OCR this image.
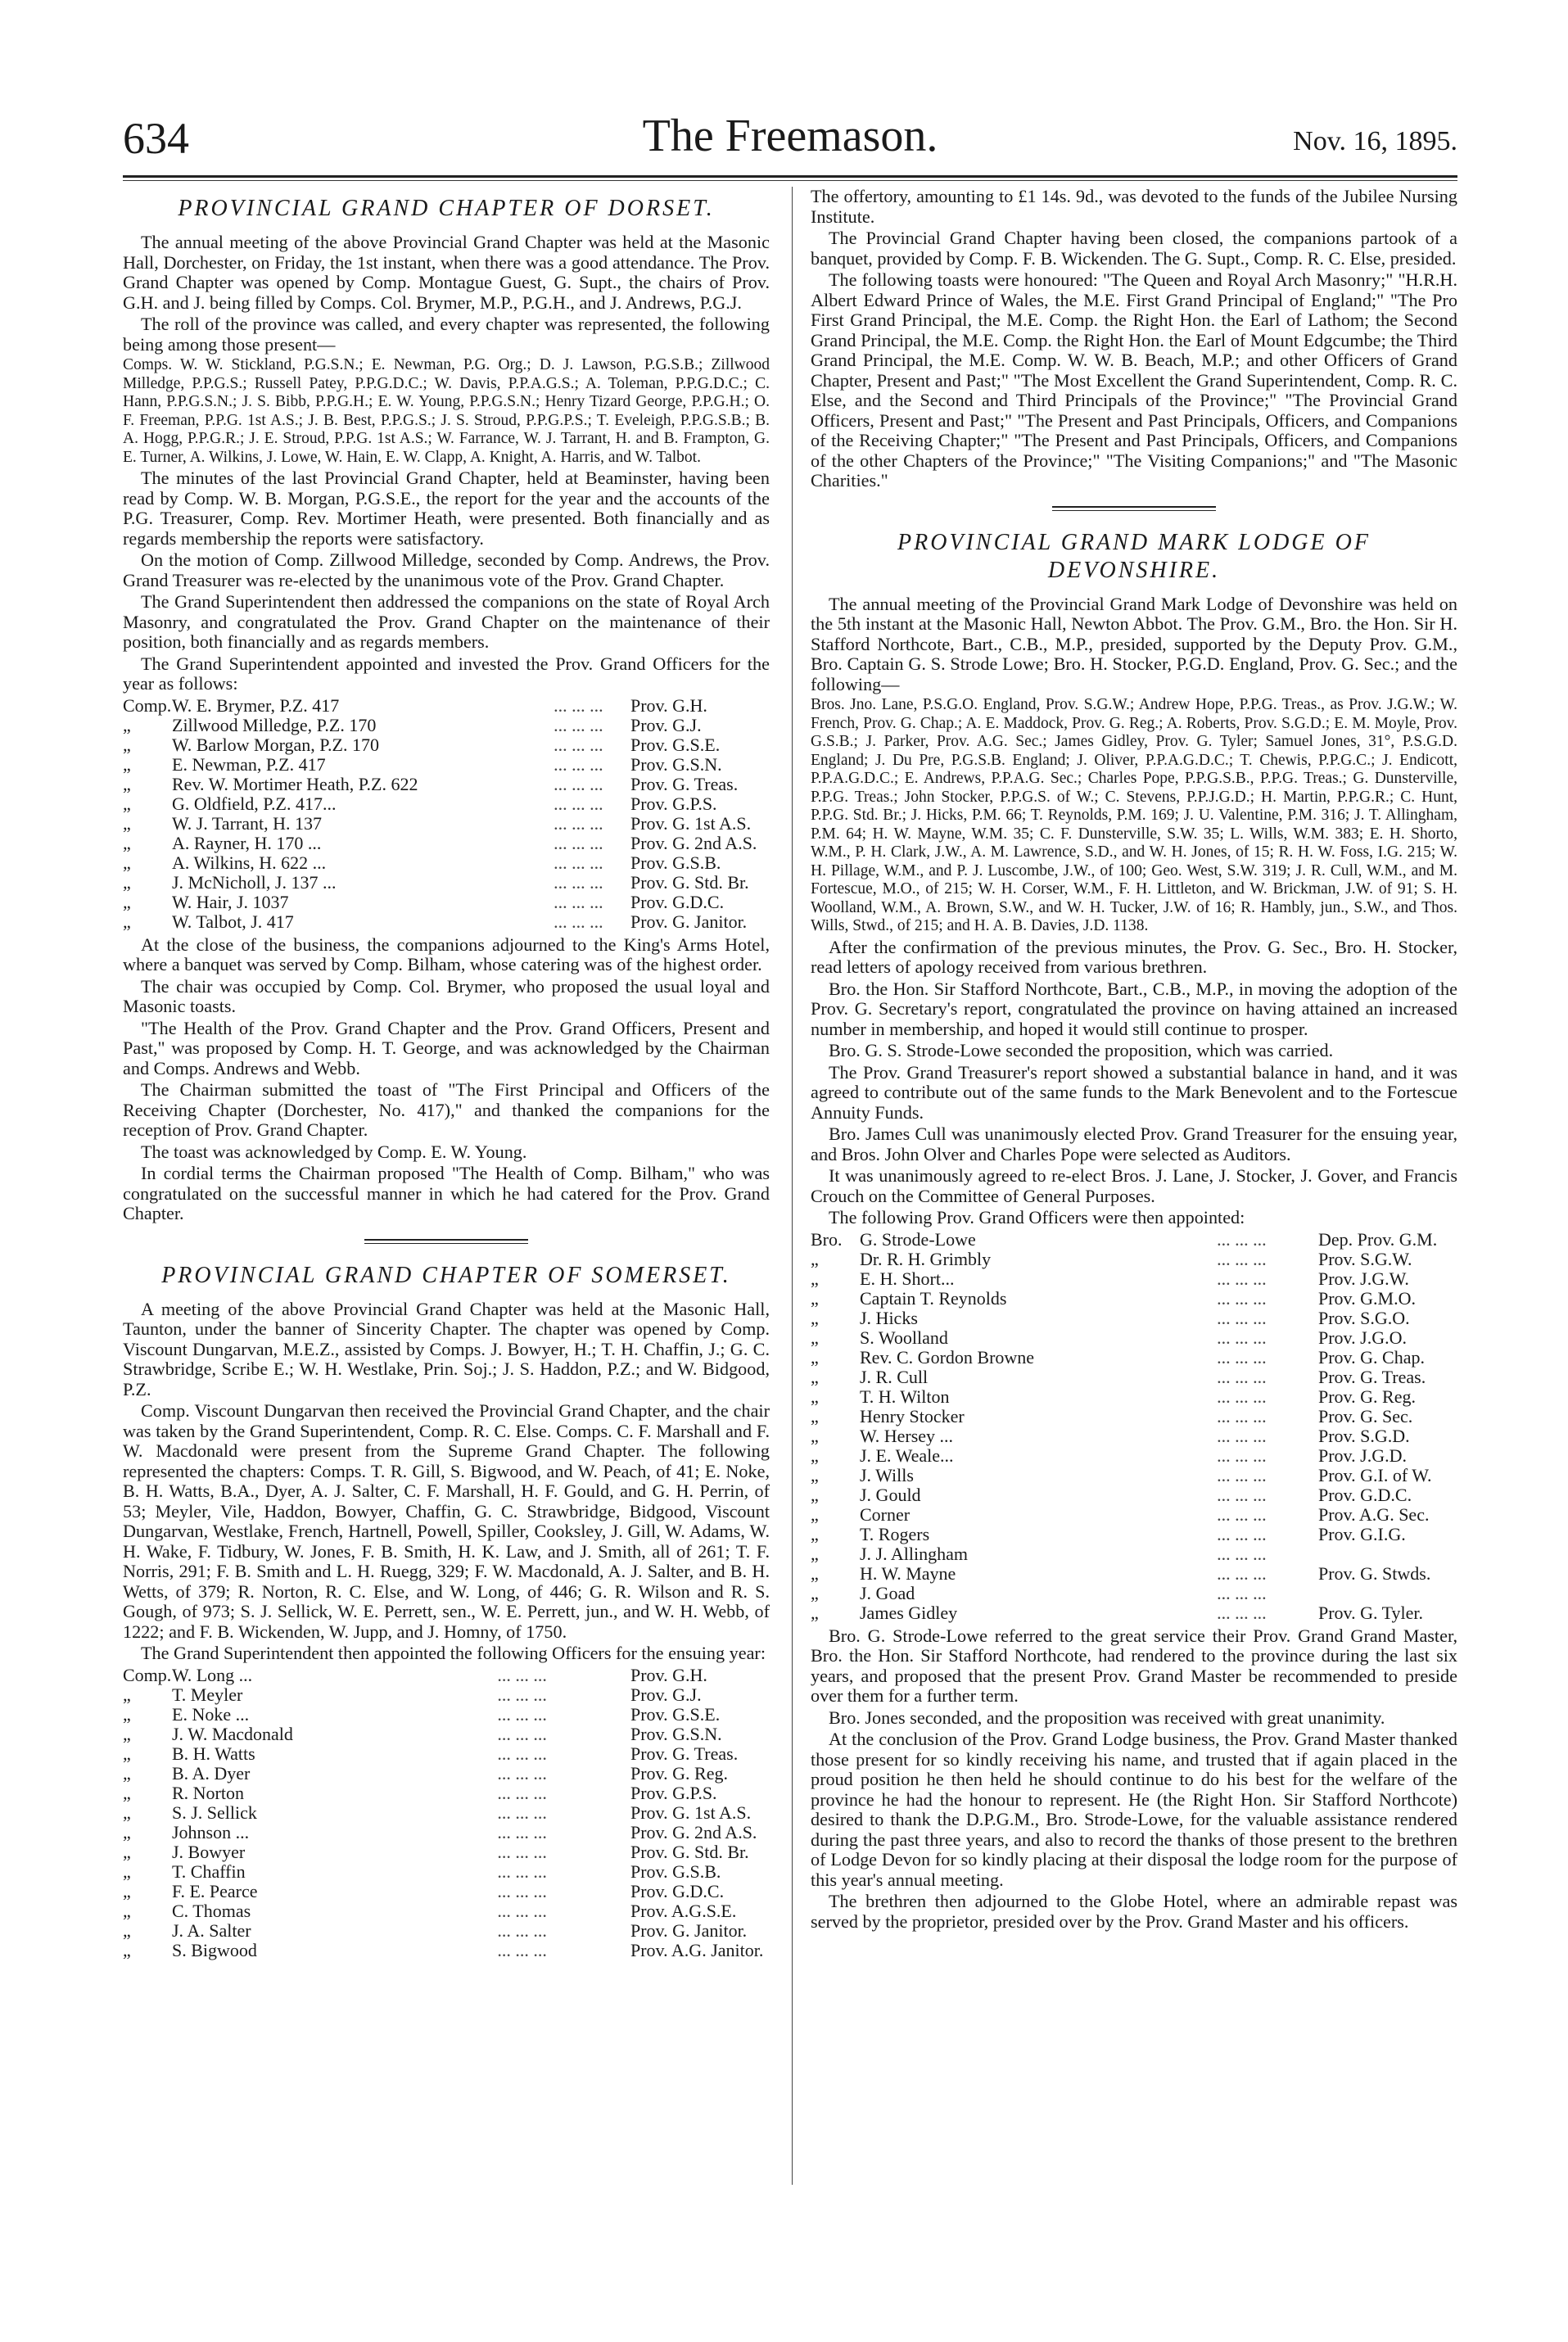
634	The Freemason.	Nov. 16, 1895.
PROVINCIAL GRAND CHAPTER OF DORSET.

The annual meeting of the above Provincial Grand Chapter was held at the Masonic Hall, Dorchester, on Friday, the 1st instant, when there was a good attendance. The Prov. Grand Chapter was opened by Comp. Montague Guest, G. Supt., the chairs of Prov. G.H. and J. being filled by Comps. Col. Brymer, M.P., P.G.H., and J. Andrews, P.G.J.

The roll of the province was called, and every chapter was represented, the following being among those present—

Comps. W. W. Stickland, P.G.S.N.; E. Newman, P.G. Org.; D. J. Lawson, P.G.S.B.; Zillwood Milledge, P.P.G.S.; Russell Patey, P.P.G.D.C.; W. Davis, P.P.A.G.S.; A. Toleman, P.P.G.D.C.; C. Hann, P.P.G.S.N.; J. S. Bibb, P.P.G.H.; E. W. Young, P.P.G.S.N.; Henry Tizard George, P.P.G.H.; O. F. Freeman, P.P.G. 1st A.S.; J. B. Best, P.P.G.S.; J. S. Stroud, P.P.G.P.S.; T. Eveleigh, P.P.G.S.B.; B. A. Hogg, P.P.G.R.; J. E. Stroud, P.P.G. 1st A.S.; W. Farrance, W. J. Tarrant, H. and B. Frampton, G. E. Turner, A. Wilkins, J. Lowe, W. Hain, E. W. Clapp, A. Knight, A. Harris, and W. Talbot.

The minutes of the last Provincial Grand Chapter, held at Beaminster, having been read by Comp. W. B. Morgan, P.G.S.E., the report for the year and the accounts of the P.G. Treasurer, Comp. Rev. Mortimer Heath, were presented. Both financially and as regards membership the reports were satisfactory.

On the motion of Comp. Zillwood Milledge, seconded by Comp. Andrews, the Prov. Grand Treasurer was re-elected by the unanimous vote of the Prov. Grand Chapter.

The Grand Superintendent then addressed the companions on the state of Royal Arch Masonry, and congratulated the Prov. Grand Chapter on the maintenance of their position, both financially and as regards members.

The Grand Superintendent appointed and invested the Prov. Grand Officers for the year as follows:

Comp.	W. E. Brymer, P.Z. 417	... ... ...	Prov. G.H.
„	Zillwood Milledge, P.Z. 170	... ... ...	Prov. G.J.
„	W. Barlow Morgan, P.Z. 170	... ... ...	Prov. G.S.E.
„	E. Newman, P.Z. 417	... ... ...	Prov. G.S.N.
„	Rev. W. Mortimer Heath, P.Z. 622	... ... ...	Prov. G. Treas.
„	G. Oldfield, P.Z. 417...	... ... ...	Prov. G.P.S.
„	W. J. Tarrant, H. 137	... ... ...	Prov. G. 1st A.S.
„	A. Rayner, H. 170 ...	... ... ...	Prov. G. 2nd A.S.
„	A. Wilkins, H. 622 ...	... ... ...	Prov. G.S.B.
„	J. McNicholl, J. 137 ...	... ... ...	Prov. G. Std. Br.
„	W. Hair, J. 1037	... ... ...	Prov. G.D.C.
„	W. Talbot, J. 417	... ... ...	Prov. G. Janitor.

At the close of the business, the companions adjourned to the King's Arms Hotel, where a banquet was served by Comp. Bilham, whose catering was of the highest order.

The chair was occupied by Comp. Col. Brymer, who proposed the usual loyal and Masonic toasts.

"The Health of the Prov. Grand Chapter and the Prov. Grand Officers, Present and Past," was proposed by Comp. H. T. George, and was acknowledged by the Chairman and Comps. Andrews and Webb.

The Chairman submitted the toast of "The First Principal and Officers of the Receiving Chapter (Dorchester, No. 417)," and thanked the companions for the reception of Prov. Grand Chapter.

The toast was acknowledged by Comp. E. W. Young.

In cordial terms the Chairman proposed "The Health of Comp. Bilham," who was congratulated on the successful manner in which he had catered for the Prov. Grand Chapter.

PROVINCIAL GRAND CHAPTER OF SOMERSET.

A meeting of the above Provincial Grand Chapter was held at the Masonic Hall, Taunton, under the banner of Sincerity Chapter. The chapter was opened by Comp. Viscount Dungarvan, M.E.Z., assisted by Comps. J. Bowyer, H.; T. H. Chaffin, J.; G. C. Strawbridge, Scribe E.; W. H. Westlake, Prin. Soj.; J. S. Haddon, P.Z.; and W. Bidgood, P.Z.

Comp. Viscount Dungarvan then received the Provincial Grand Chapter, and the chair was taken by the Grand Superintendent, Comp. R. C. Else. Comps. C. F. Marshall and F. W. Macdonald were present from the Supreme Grand Chapter. The following represented the chapters: Comps. T. R. Gill, S. Bigwood, and W. Peach, of 41; E. Noke, B. H. Watts, B.A., Dyer, A. J. Salter, C. F. Marshall, H. F. Gould, and G. H. Perrin, of 53; Meyler, Vile, Haddon, Bowyer, Chaffin, G. C. Strawbridge, Bidgood, Viscount Dungarvan, Westlake, French, Hartnell, Powell, Spiller, Cooksley, J. Gill, W. Adams, W. H. Wake, F. Tidbury, W. Jones, F. B. Smith, H. K. Law, and J. Smith, all of 261; T. F. Norris, 291; F. B. Smith and L. H. Ruegg, 329; F. W. Macdonald, A. J. Salter, and B. H. Wetts, of 379; R. Norton, R. C. Else, and W. Long, of 446; G. R. Wilson and R. S. Gough, of 973; S. J. Sellick, W. E. Perrett, sen., W. E. Perrett, jun., and W. H. Webb, of 1222; and F. B. Wickenden, W. Jupp, and J. Homny, of 1750.

The Grand Superintendent then appointed the following Officers for the ensuing year:

Comp.	W. Long ...	... ... ...	Prov. G.H.
„	T. Meyler	... ... ...	Prov. G.J.
„	E. Noke ...	... ... ...	Prov. G.S.E.
„	J. W. Macdonald	... ... ...	Prov. G.S.N.
„	B. H. Watts	... ... ...	Prov. G. Treas.
„	B. A. Dyer	... ... ...	Prov. G. Reg.
„	R. Norton	... ... ...	Prov. G.P.S.
„	S. J. Sellick	... ... ...	Prov. G. 1st A.S.
„	Johnson ...	... ... ...	Prov. G. 2nd A.S.
„	J. Bowyer	... ... ...	Prov. G. Std. Br.
„	T. Chaffin	... ... ...	Prov. G.S.B.
„	F. E. Pearce	... ... ...	Prov. G.D.C.
„	C. Thomas	... ... ...	Prov. A.G.S.E.
„	J. A. Salter	... ... ...	Prov. G. Janitor.
„	S. Bigwood	... ... ...	Prov. A.G. Janitor.

The offertory, amounting to £1 14s. 9d., was devoted to the funds of the Jubilee Nursing Institute.

The Provincial Grand Chapter having been closed, the companions partook of a banquet, provided by Comp. F. B. Wickenden. The G. Supt., Comp. R. C. Else, presided.

The following toasts were honoured: "The Queen and Royal Arch Masonry;" "H.R.H. Albert Edward Prince of Wales, the M.E. First Grand Principal of England;" "The Pro First Grand Principal, the M.E. Comp. the Right Hon. the Earl of Lathom; the Second Grand Principal, the M.E. Comp. the Right Hon. the Earl of Mount Edgcumbe; the Third Grand Principal, the M.E. Comp. W. W. B. Beach, M.P.; and other Officers of Grand Chapter, Present and Past;" "The Most Excellent the Grand Superintendent, Comp. R. C. Else, and the Second and Third Principals of the Province;" "The Provincial Grand Officers, Present and Past;" "The Present and Past Principals, Officers, and Companions of the Receiving Chapter;" "The Present and Past Principals, Officers, and Companions of the other Chapters of the Province;" "The Visiting Companions;" and "The Masonic Charities."

PROVINCIAL GRAND MARK LODGE OF DEVONSHIRE.

The annual meeting of the Provincial Grand Mark Lodge of Devonshire was held on the 5th instant at the Masonic Hall, Newton Abbot. The Prov. G.M., Bro. the Hon. Sir H. Stafford Northcote, Bart., C.B., M.P., presided, supported by the Deputy Prov. G.M., Bro. Captain G. S. Strode Lowe; Bro. H. Stocker, P.G.D. England, Prov. G. Sec.; and the following—

Bros. Jno. Lane, P.S.G.O. England, Prov. S.G.W.; Andrew Hope, P.P.G. Treas., as Prov. J.G.W.; W. French, Prov. G. Chap.; A. E. Maddock, Prov. G. Reg.; A. Roberts, Prov. S.G.D.; E. M. Moyle, Prov. G.S.B.; J. Parker, Prov. A.G. Sec.; James Gidley, Prov. G. Tyler; Samuel Jones, 31°, P.S.G.D. England; J. Du Pre, P.G.S.B. England; J. Oliver, P.P.A.G.D.C.; T. Chewis, P.P.G.C.; J. Endicott, P.P.A.G.D.C.; E. Andrews, P.P.A.G. Sec.; Charles Pope, P.P.G.S.B., P.P.G. Treas.; G. Dunsterville, P.P.G. Treas.; John Stocker, P.P.G.S. of W.; C. Stevens, P.P.J.G.D.; H. Martin, P.P.G.R.; C. Hunt, P.P.G. Std. Br.; J. Hicks, P.M. 66; T. Reynolds, P.M. 169; J. U. Valentine, P.M. 316; J. T. Allingham, P.M. 64; H. W. Mayne, W.M. 35; C. F. Dunsterville, S.W. 35; L. Wills, W.M. 383; E. H. Shorto, W.M., P. H. Clark, J.W., A. M. Lawrence, S.D., and W. H. Jones, of 15; R. H. W. Foss, I.G. 215; W. H. Pillage, W.M., and P. J. Luscombe, J.W., of 100; Geo. West, S.W. 319; J. R. Cull, W.M., and M. Fortescue, M.O., of 215; W. H. Corser, W.M., F. H. Littleton, and W. Brickman, J.W. of 91; S. H. Woolland, W.M., A. Brown, S.W., and W. H. Tucker, J.W. of 16; R. Hambly, jun., S.W., and Thos. Wills, Stwd., of 215; and H. A. B. Davies, J.D. 1138.

After the confirmation of the previous minutes, the Prov. G. Sec., Bro. H. Stocker, read letters of apology received from various brethren.

Bro. the Hon. Sir Stafford Northcote, Bart., C.B., M.P., in moving the adoption of the Prov. G. Secretary's report, congratulated the province on having attained an increased number in membership, and hoped it would still continue to prosper.

Bro. G. S. Strode-Lowe seconded the proposition, which was carried.

The Prov. Grand Treasurer's report showed a substantial balance in hand, and it was agreed to contribute out of the same funds to the Mark Benevolent and to the Fortescue Annuity Funds.

Bro. James Cull was unanimously elected Prov. Grand Treasurer for the ensuing year, and Bros. John Olver and Charles Pope were selected as Auditors.

It was unanimously agreed to re-elect Bros. J. Lane, J. Stocker, J. Gover, and Francis Crouch on the Committee of General Purposes.

The following Prov. Grand Officers were then appointed:

Bro.	G. Strode-Lowe	... ... ...	Dep. Prov. G.M.
„	Dr. R. H. Grimbly	... ... ...	Prov. S.G.W.
„	E. H. Short...	... ... ...	Prov. J.G.W.
„	Captain T. Reynolds	... ... ...	Prov. G.M.O.
„	J. Hicks	... ... ...	Prov. S.G.O.
„	S. Woolland	... ... ...	Prov. J.G.O.
„	Rev. C. Gordon Browne	... ... ...	Prov. G. Chap.
„	J. R. Cull	... ... ...	Prov. G. Treas.
„	T. H. Wilton	... ... ...	Prov. G. Reg.
„	Henry Stocker	... ... ...	Prov. G. Sec.
„	W. Hersey ...	... ... ...	Prov. S.G.D.
„	J. E. Weale...	... ... ...	Prov. J.G.D.
„	J. Wills	... ... ...	Prov. G.I. of W.
„	J. Gould	... ... ...	Prov. G.D.C.
„	Corner	... ... ...	Prov. A.G. Sec.
„	T. Rogers	... ... ...	Prov. G.I.G.
„	J. J. Allingham	... ... ...	
„	H. W. Mayne	... ... ...	Prov. G. Stwds.
„	J. Goad	... ... ...	
„	James Gidley	... ... ...	Prov. G. Tyler.

Bro. G. Strode-Lowe referred to the great service their Prov. Grand Grand Master, Bro. the Hon. Sir Stafford Northcote, had rendered to the province during the last six years, and proposed that the present Prov. Grand Master be recommended to preside over them for a further term.

Bro. Jones seconded, and the proposition was received with great unanimity.

At the conclusion of the Prov. Grand Lodge business, the Prov. Grand Master thanked those present for so kindly receiving his name, and trusted that if again placed in the proud position he then held he should continue to do his best for the welfare of the province he had the honour to represent. He (the Right Hon. Sir Stafford Northcote) desired to thank the D.P.G.M., Bro. Strode-Lowe, for the valuable assistance rendered during the past three years, and also to record the thanks of those present to the brethren of Lodge Devon for so kindly placing at their disposal the lodge room for the purpose of this year's annual meeting.

The brethren then adjourned to the Globe Hotel, where an admirable repast was served by the proprietor, presided over by the Prov. Grand Master and his officers.
